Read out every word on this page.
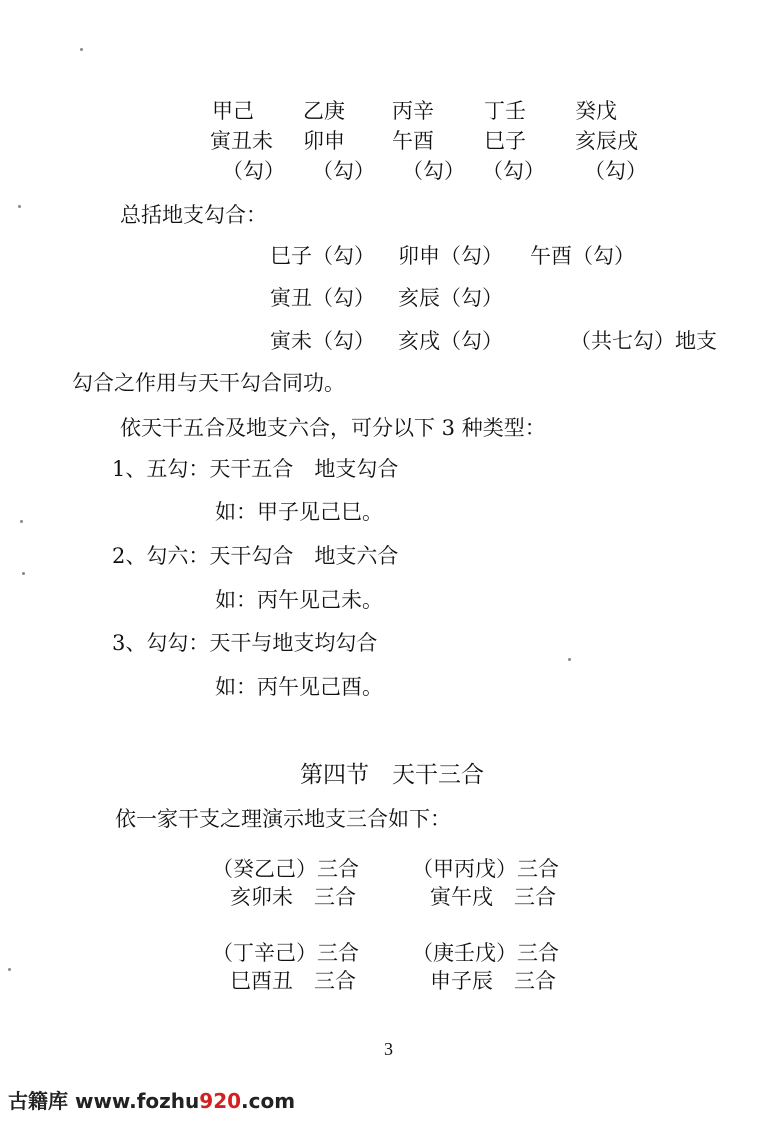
甲己 乙庚 丙辛 丁壬 癸戊
寅丑未 卯申 午酉 巳子 亥辰戌
（勾） （勾） （勾） （勾） （勾）
总括地支勾合：
巳子（勾） 卯申（勾） 午酉（勾）
寅丑（勾） 亥辰（勾）
寅未（勾） 亥戌（勾）	（共七勾）地支
勾合之作用与天干勾合同功。
依天干五合及地支六合，可分以下 3 种类型：
1、五勾：天干五合　地支勾合
如：甲子见己巳。
2、勾六：天干勾合　地支六合
如：丙午见己未。
3、勾勾：天干与地支均勾合
如：丙午见己酉。
第四节　天干三合
依一家干支之理演示地支三合如下：
（癸乙己）三合
亥卯未　三合
（甲丙戊）三合
寅午戌　三合
（丁辛己）三合
巳酉丑　三合
（庚壬戊）三合
申子辰　三合
3
古籍库 www.fozhu920.com
